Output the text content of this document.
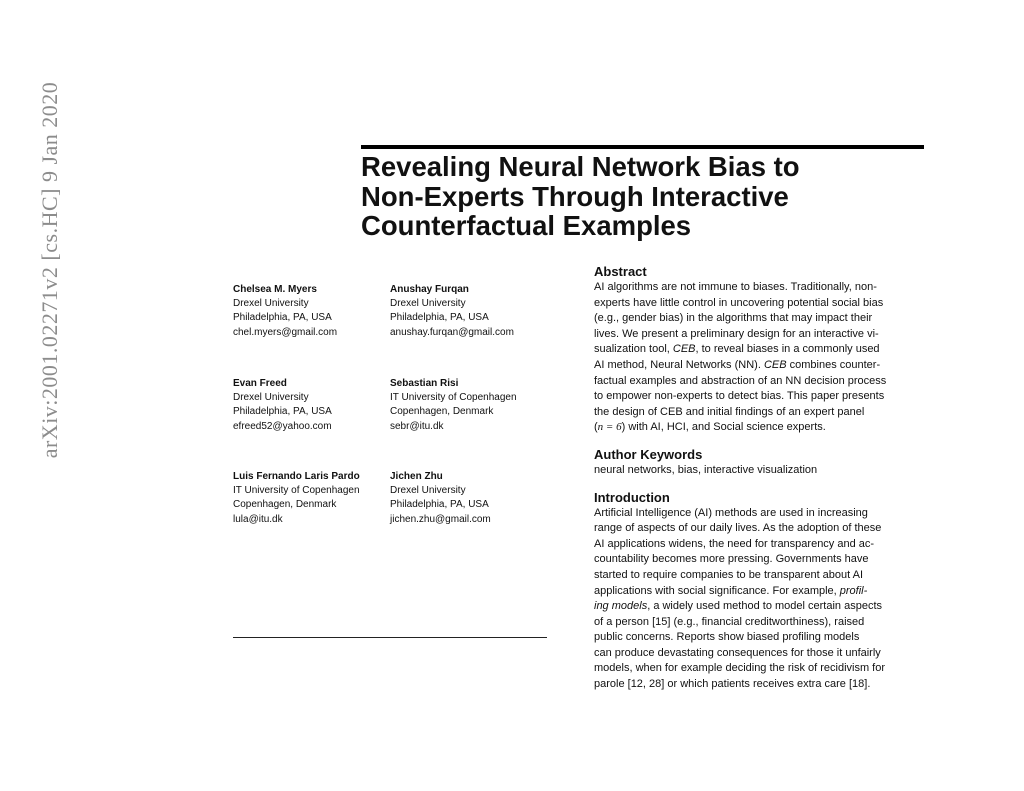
arXiv:2001.02271v2 [cs.HC] 9 Jan 2020	Revealing Neural Network Bias to
Non-Experts Through Interactive
Counterfactual Examples
Chelsea M. Myers
Drexel University
Philadelphia, PA, USA
chel.myers@gmail.com
Anushay Furqan
Drexel University
Philadelphia, PA, USA
anushay.furqan@gmail.com
Evan Freed
Drexel University
Philadelphia, PA, USA
efreed52@yahoo.com
Sebastian Risi
IT University of Copenhagen
Copenhagen, Denmark
sebr@itu.dk
Luis Fernando Laris Pardo
IT University of Copenhagen
Copenhagen, Denmark
lula@itu.dk
Jichen Zhu
Drexel University
Philadelphia, PA, USA
jichen.zhu@gmail.com
Abstract
AI algorithms are not immune to biases. Traditionally, non-
experts have little control in uncovering potential social bias
(e.g., gender bias) in the algorithms that may impact their
lives. We present a preliminary design for an interactive vi-
sualization tool, CEB, to reveal biases in a commonly used
AI method, Neural Networks (NN). CEB combines counter-
factual examples and abstraction of an NN decision process
to empower non-experts to detect bias. This paper presents
the design of CEB and initial findings of an expert panel
(n = 6) with AI, HCI, and Social science experts.
Author Keywords
neural networks, bias, interactive visualization
Introduction
Artificial Intelligence (AI) methods are used in increasing
range of aspects of our daily lives. As the adoption of these
AI applications widens, the need for transparency and ac-
countability becomes more pressing. Governments have
started to require companies to be transparent about AI
applications with social significance. For example, profil-
ing models, a widely used method to model certain aspects
of a person [15] (e.g., financial creditworthiness), raised
public concerns. Reports show biased profiling models
can produce devastating consequences for those it unfairly
models, when for example deciding the risk of recidivism for
parole [12, 28] or which patients receives extra care [18].
